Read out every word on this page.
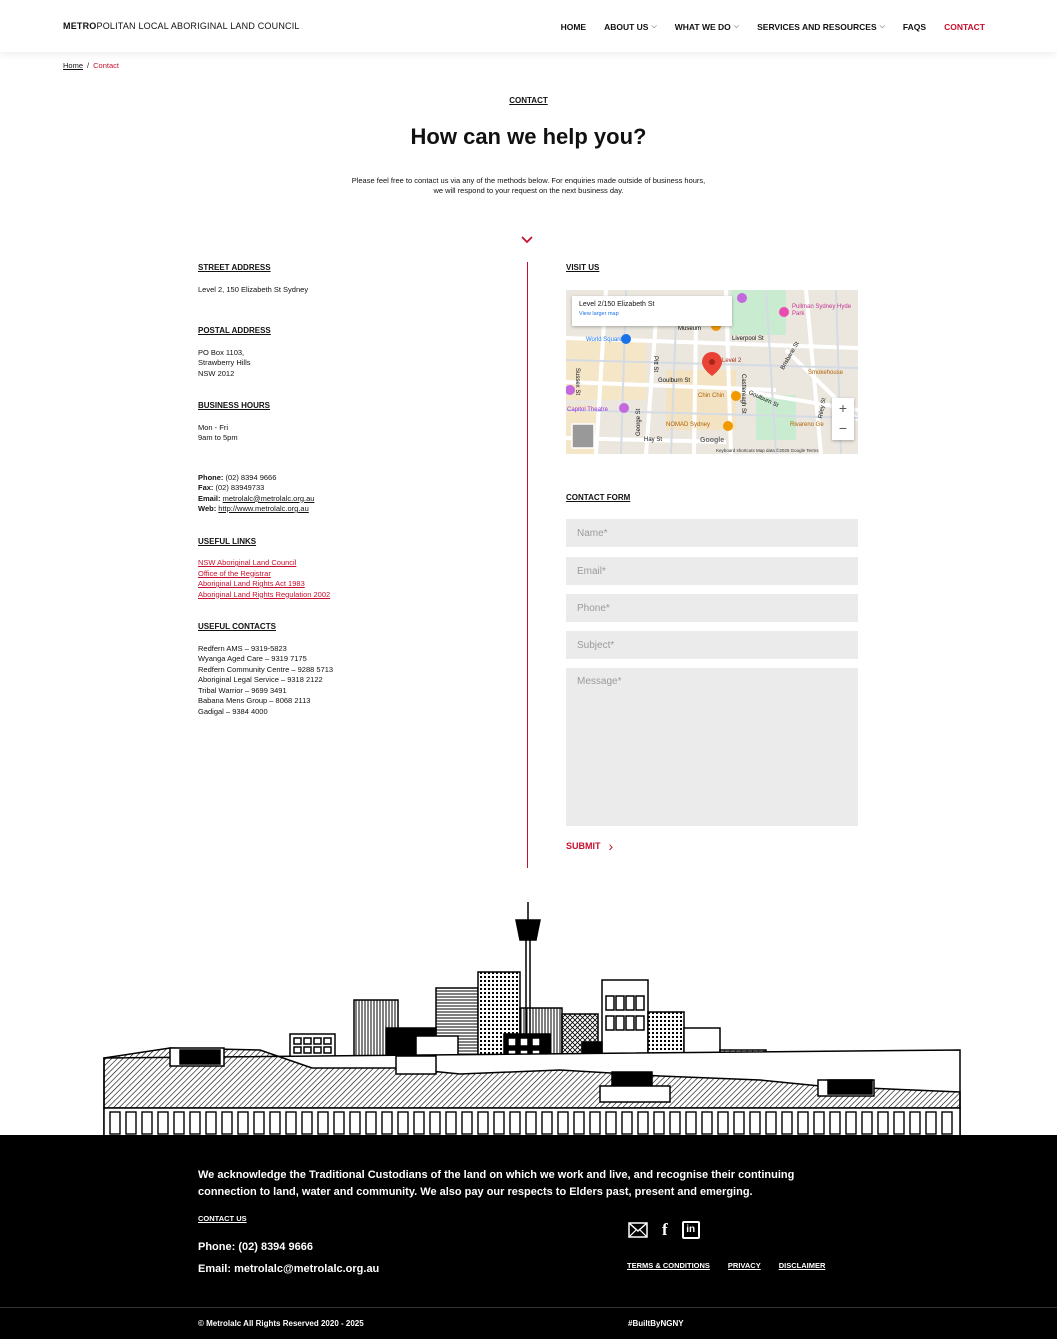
METROPOLITAN LOCAL ABORIGINAL LAND COUNCIL	HOME ABOUT US ⌵ WHAT WE DO ⌵ SERVICES AND RESOURCES ⌵ FAQS CONTACT
Home / Contact
CONTACT
How can we help you?
Please feel free to contact us via any of the methods below. For enquiries made outside of business hours,
we will respond to your request on the next business day.
STREET ADDRESS
Level 2, 150 Elizabeth St Sydney
POSTAL ADDRESS
PO Box 1103,
Strawberry Hills
NSW 2012
BUSINESS HOURS
Mon - Fri
9am to 5pm
Phone: (02) 8394 9666
Fax: (02) 83949733
Email: metrolalc@metrolalc.org.au
Web: http://www.metrolalc.org.au
USEFUL LINKS
NSW Aboriginal Land Council
Office of the Registrar
Aboriginal Land Rights Act 1983
Aboriginal Land Rights Regulation 2002
USEFUL CONTACTS
Redfern AMS – 9319-5823
Wyanga Aged Care – 9319 7175
Redfern Community Centre – 9288 5713
Aboriginal Legal Service – 9318 2122
Tribal Warrior – 9699 3491
Babana Mens Group – 8068 2113
Gadigal – 9384 4000
VISIT US
Museum
World Square	Liverpool St
Goulburn St
Chin Chin
Capitol Theatre
NOMAD Sydney
Hay St
Pullman Sydney Hyde Park
Smokehouse
Rivareno Ge
Level 2
Sussex St
Pitt St
George St
Castlereagh St
Brisbane St
Riley St
Goulburn St
Level 2/150 Elizabeth St
View larger map
+
−
Google
Keyboard shortcuts Map data ©2025 Google Terms
CONTACT FORM
Name*
Email*
Phone*
Subject*
Message*
SUBMIT ›
We acknowledge the Traditional Custodians of the land on which we work and live, and recognise their continuing connection to land, water and community. We also pay our respects to Elders past, present and emerging.
CONTACT US
Phone: (02) 8394 9666
Email: metrolalc@metrolalc.org.au
f	in
TERMS & CONDITIONS PRIVACY DISCLAIMER
© Metrolalc All Rights Reserved 2020 - 2025	#BuiltByNGNY
